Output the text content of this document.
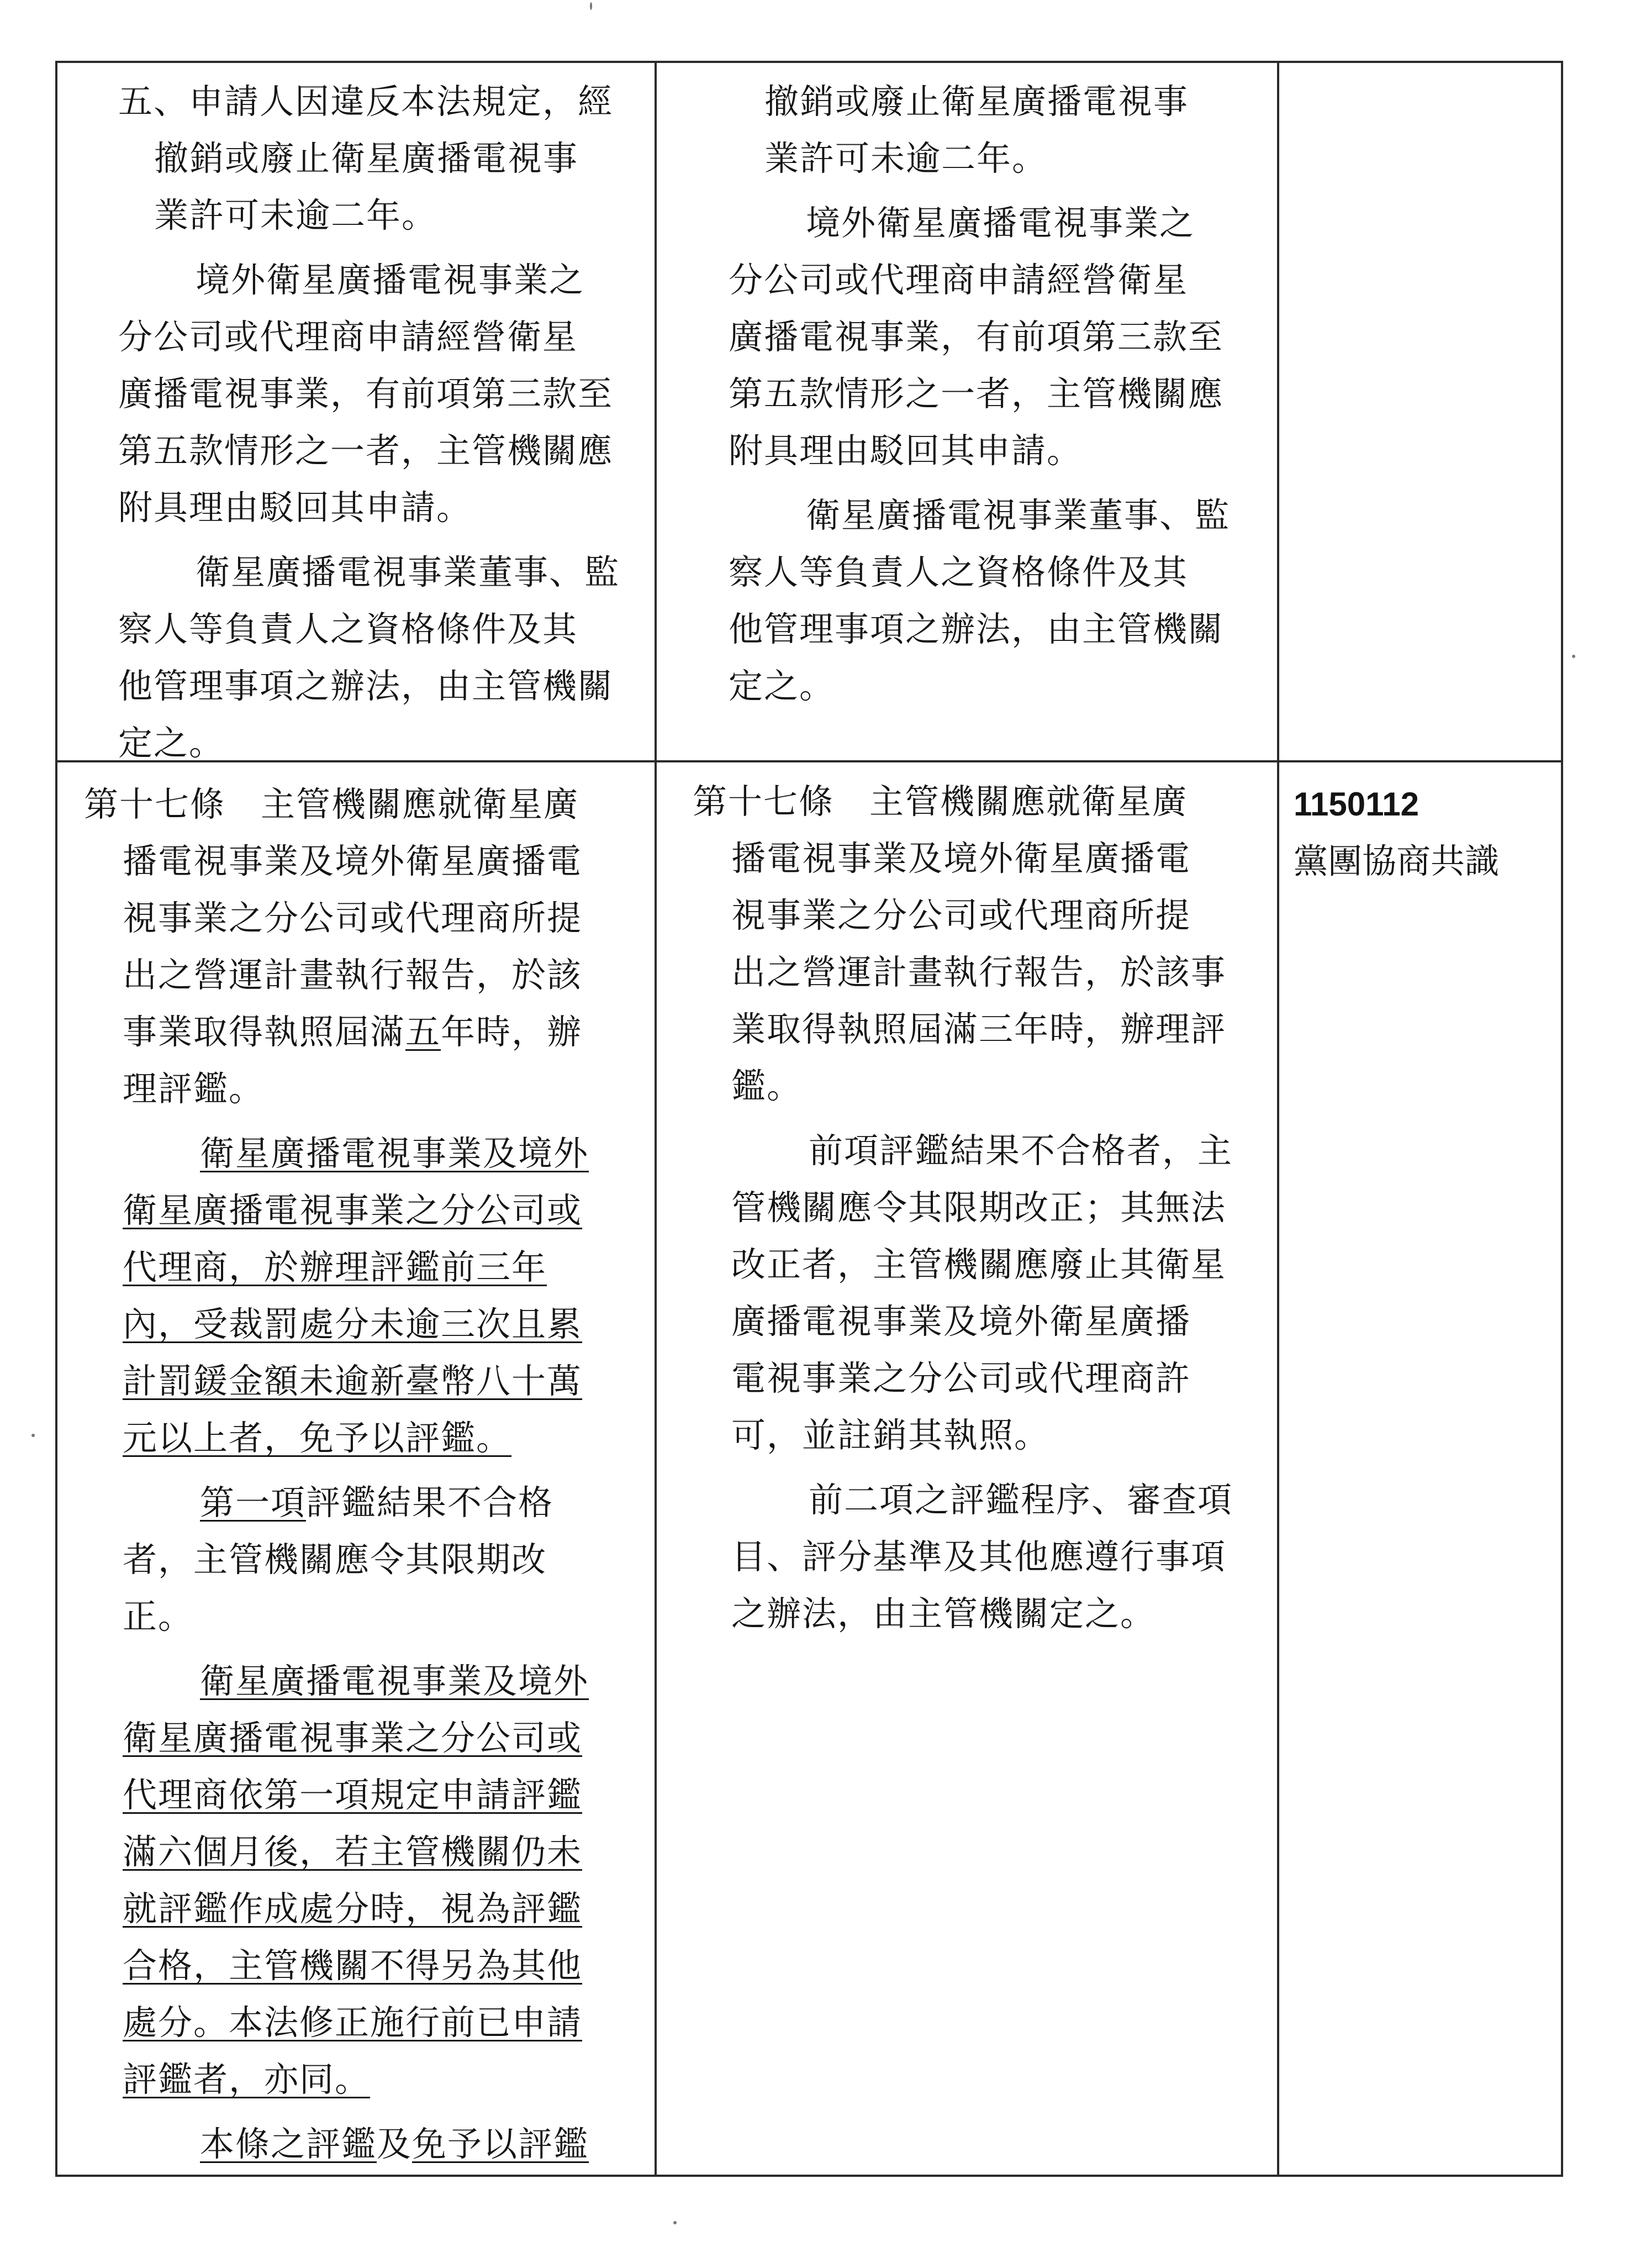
五、申請人因違反本法規定，經

撤銷或廢止衛星廣播電視事

業許可未逾二年。

境外衛星廣播電視事業之

分公司或代理商申請經營衛星

廣播電視事業，有前項第三款至

第五款情形之一者，主管機關應

附具理由駁回其申請。

衛星廣播電視事業董事、監

察人等負責人之資格條件及其

他管理事項之辦法，由主管機關

定之。

撤銷或廢止衛星廣播電視事

業許可未逾二年。

境外衛星廣播電視事業之

分公司或代理商申請經營衛星

廣播電視事業，有前項第三款至

第五款情形之一者，主管機關應

附具理由駁回其申請。

衛星廣播電視事業董事、監

察人等負責人之資格條件及其

他管理事項之辦法，由主管機關

定之。

第十七條　主管機關應就衛星廣

播電視事業及境外衛星廣播電

視事業之分公司或代理商所提

出之營運計畫執行報告，於該

事業取得執照屆滿五年時，辦

理評鑑。

衛星廣播電視事業及境外

衛星廣播電視事業之分公司或

代理商，於辦理評鑑前三年

內，受裁罰處分未逾三次且累

計罰鍰金額未逾新臺幣八十萬

元以上者，免予以評鑑。

第一項評鑑結果不合格

者，主管機關應令其限期改

正。

衛星廣播電視事業及境外

衛星廣播電視事業之分公司或

代理商依第一項規定申請評鑑

滿六個月後，若主管機關仍未

就評鑑作成處分時，視為評鑑

合格，主管機關不得另為其他

處分。本法修正施行前已申請

評鑑者，亦同。

本條之評鑑及免予以評鑑

第十七條　主管機關應就衛星廣

播電視事業及境外衛星廣播電

視事業之分公司或代理商所提

出之營運計畫執行報告，於該事

業取得執照屆滿三年時，辦理評

鑑。

前項評鑑結果不合格者，主

管機關應令其限期改正；其無法

改正者，主管機關應廢止其衛星

廣播電視事業及境外衛星廣播

電視事業之分公司或代理商許

可，並註銷其執照。

前二項之評鑑程序、審查項

目、評分基準及其他應遵行事項

之辦法，由主管機關定之。

1150112

黨團協商共識
